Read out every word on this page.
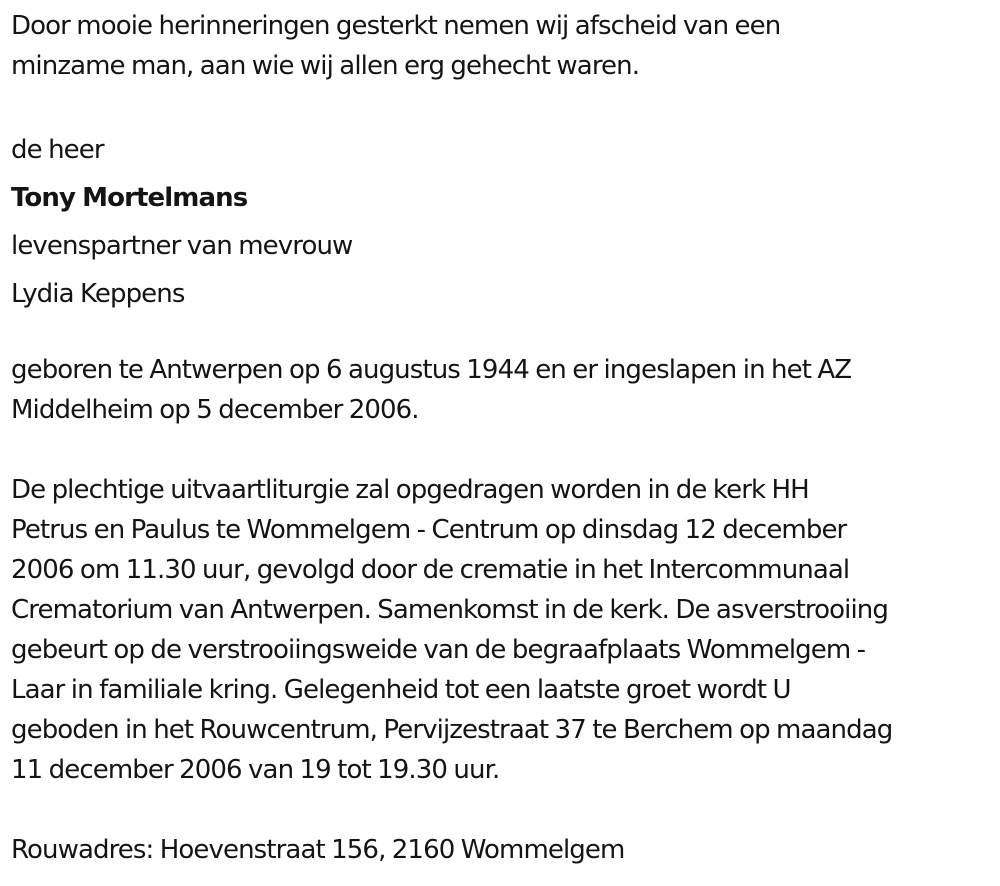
Door mooie herinneringen gesterkt nemen wij afscheid van een
minzame man, aan wie wij allen erg gehecht waren.

de heer

Tony Mortelmans

levenspartner van mevrouw

Lydia Keppens

geboren te Antwerpen op 6 augustus 1944 en er ingeslapen in het AZ
Middelheim op 5 december 2006.

De plechtige uitvaartliturgie zal opgedragen worden in de kerk HH
Petrus en Paulus te Wommelgem - Centrum op dinsdag 12 december
2006 om 11.30 uur, gevolgd door de crematie in het Intercommunaal
Crematorium van Antwerpen. Samenkomst in de kerk. De asverstrooiing
gebeurt op de verstrooiingsweide van de begraafplaats Wommelgem -
Laar in familiale kring. Gelegenheid tot een laatste groet wordt U
geboden in het Rouwcentrum, Pervijzestraat 37 te Berchem op maandag
11 december 2006 van 19 tot 19.30 uur.

Rouwadres: Hoevenstraat 156, 2160 Wommelgem
